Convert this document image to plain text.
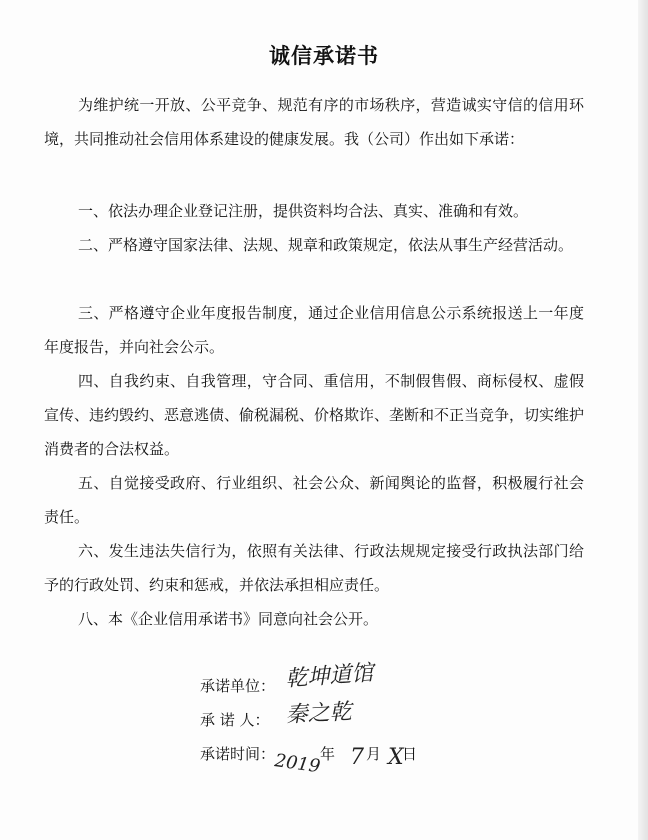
诚信承诺书

为维护统一开放、公平竞争、规范有序的市场秩序，营造诚实守信的信用环境，共同推动社会信用体系建设的健康发展。我（公司）作出如下承诺：

一、依法办理企业登记注册，提供资料均合法、真实、准确和有效。

二、严格遵守国家法律、法规、规章和政策规定，依法从事生产经营活动。

三、严格遵守企业年度报告制度，通过企业信用信息公示系统报送上一年度年度报告，并向社会公示。

四、自我约束、自我管理，守合同、重信用，不制假售假、商标侵权、虚假宣传、违约毁约、恶意逃债、偷税漏税、价格欺诈、垄断和不正当竞争，切实维护消费者的合法权益。

五、自觉接受政府、行业组织、社会公众、新闻舆论的监督，积极履行社会责任。

六、发生违法失信行为，依照有关法律、行政法规规定接受行政执法部门给予的行政处罚、约束和惩戒，并依法承担相应责任。

八、本《企业信用承诺书》同意向社会公开。

承诺单位： 乾坤道馆
承 诺 人： 秦之乾
承诺时间：
2019
年 7 月 X
日
